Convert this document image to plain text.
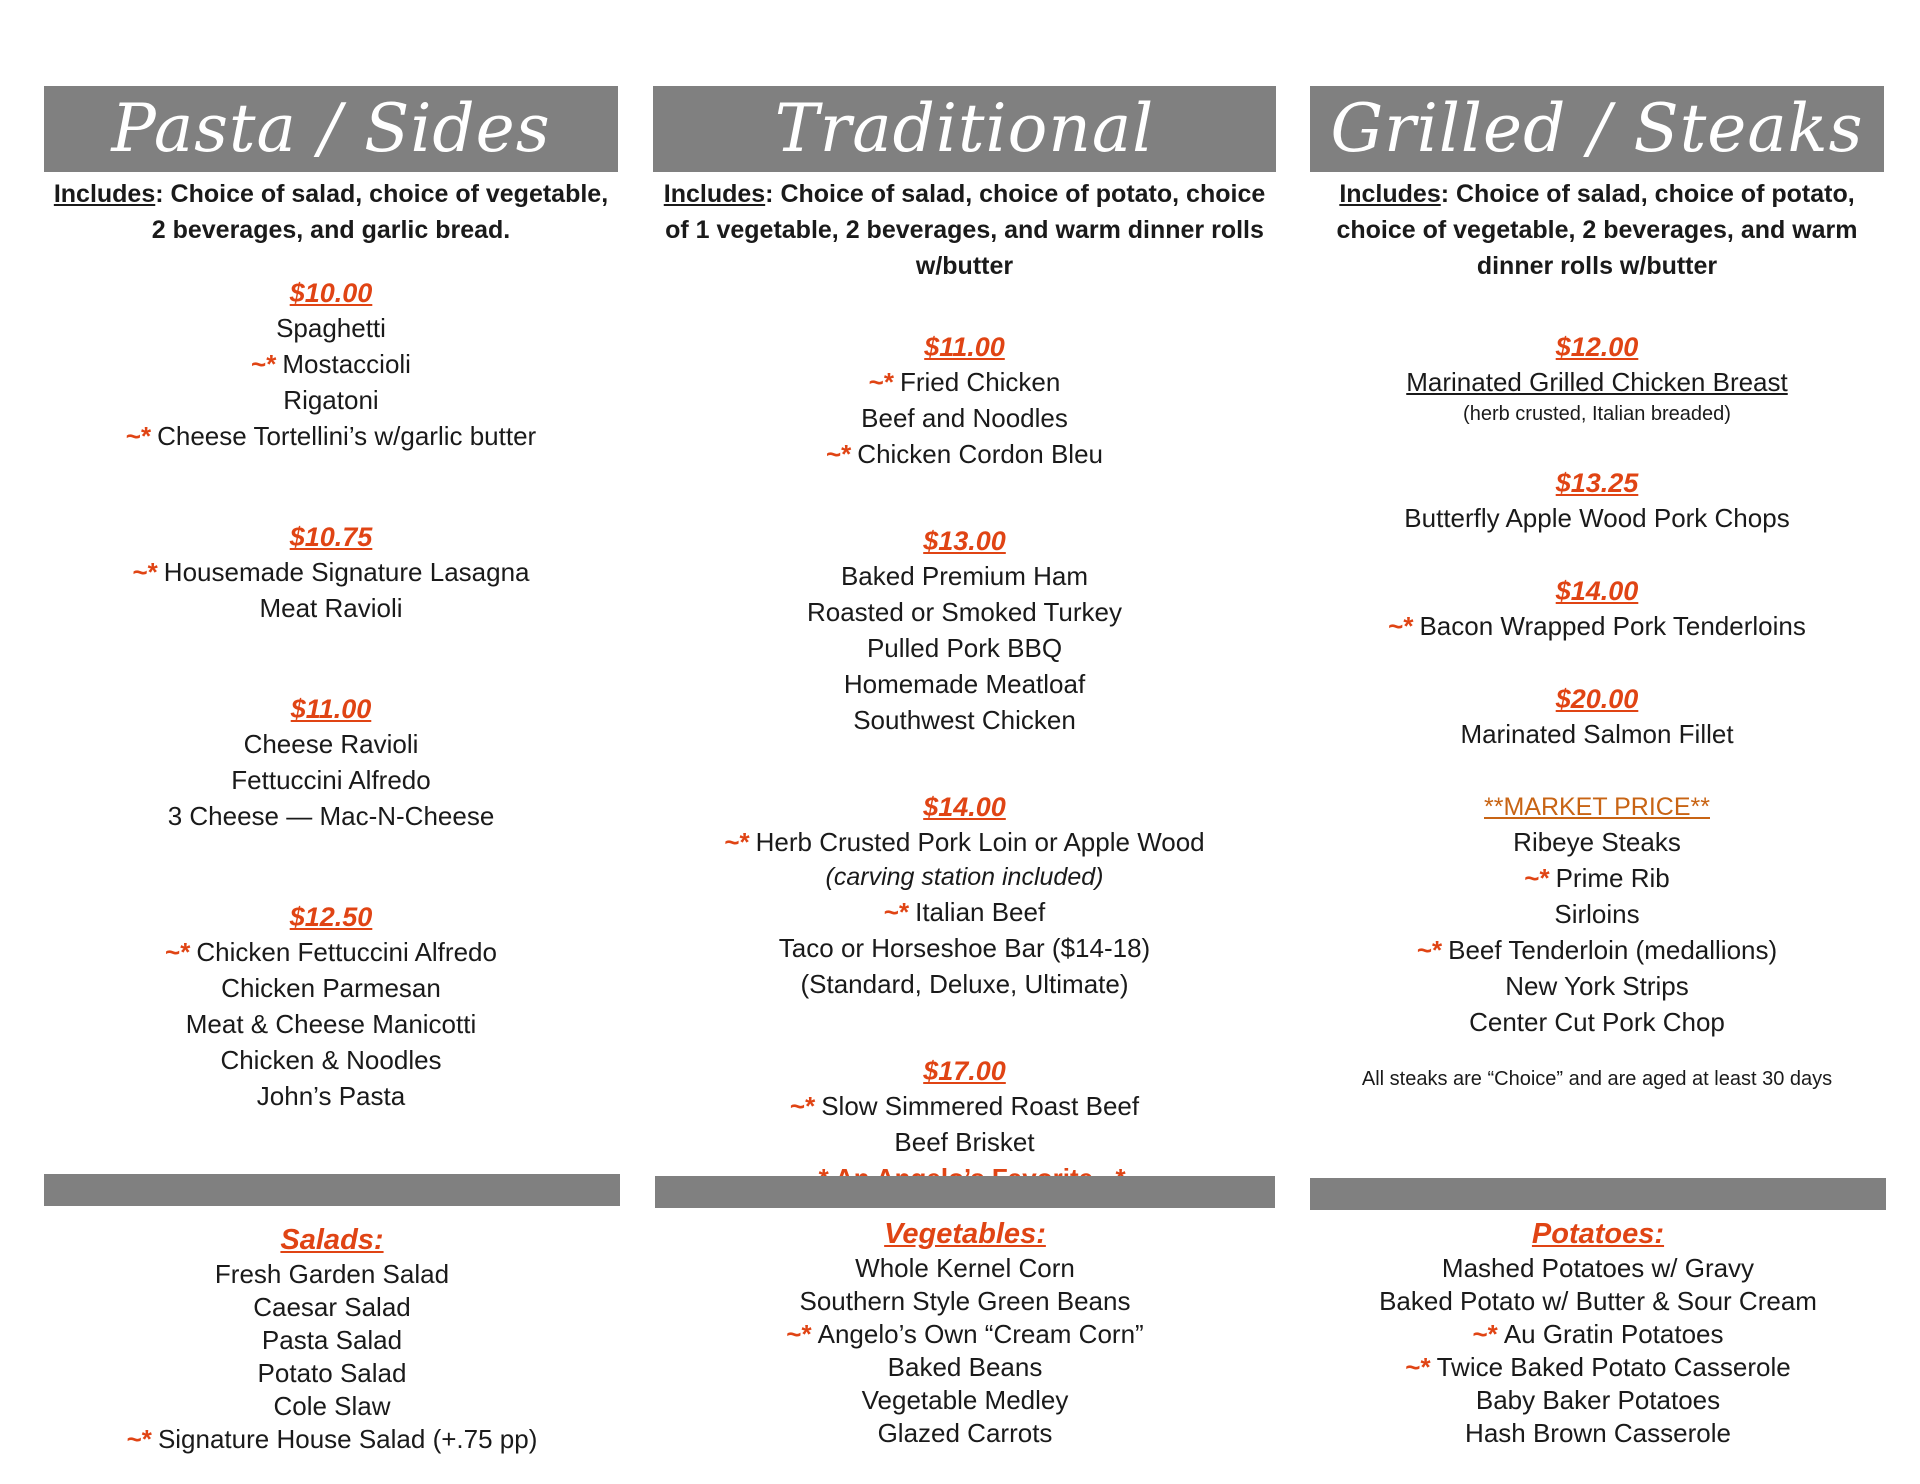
Pasta / Sides
Includes: Choice of salad, choice of vegetable, 2 beverages, and garlic bread.
$10.00
Spaghetti
~* Mostaccioli
Rigatoni
~* Cheese Tortellini’s w/garlic butter
$10.75
~* Housemade Signature Lasagna
Meat Ravioli
$11.00
Cheese Ravioli
Fettuccini Alfredo
3 Cheese — Mac-N-Cheese
$12.50
~* Chicken Fettuccini Alfredo
Chicken Parmesan
Meat & Cheese Manicotti
Chicken & Noodles
John’s Pasta
Traditional
Includes: Choice of salad, choice of potato, choice of 1 vegetable, 2 beverages, and warm dinner rolls w/butter
$11.00
~* Fried Chicken
Beef and Noodles
~* Chicken Cordon Bleu
$13.00
Baked Premium Ham
Roasted or Smoked Turkey
Pulled Pork BBQ
Homemade Meatloaf
Southwest Chicken
$14.00
~* Herb Crusted Pork Loin or Apple Wood
(carving station included)
~* Italian Beef
Taco or Horseshoe Bar ($14-18)
(Standard, Deluxe, Ultimate)
$17.00
~* Slow Simmered Roast Beef
Beef Brisket
Grilled / Steaks
Includes: Choice of salad, choice of potato, choice of vegetable, 2 beverages, and warm dinner rolls w/butter
$12.00
Marinated Grilled Chicken Breast
(herb crusted, Italian breaded)
$13.25
Butterfly Apple Wood Pork Chops
$14.00
~* Bacon Wrapped Pork Tenderloins
$20.00
Marinated Salmon Fillet
**MARKET PRICE**
Ribeye Steaks
~* Prime Rib
Sirloins
~* Beef Tenderloin (medallions)
New York Strips
Center Cut Pork Chop
All steaks are “Choice” and are aged at least 30 days
Salads:
Fresh Garden Salad
Caesar Salad
Pasta Salad
Potato Salad
Cole Slaw
~* Signature House Salad (+.75 pp)
Vegetables:
Whole Kernel Corn
Southern Style Green Beans
~* Angelo’s Own “Cream Corn”
Baked Beans
Vegetable Medley
Glazed Carrots
Potatoes:
Mashed Potatoes w/ Gravy
Baked Potato w/ Butter & Sour Cream
~* Au Gratin Potatoes
~* Twice Baked Potato Casserole
Baby Baker Potatoes
Hash Brown Casserole
